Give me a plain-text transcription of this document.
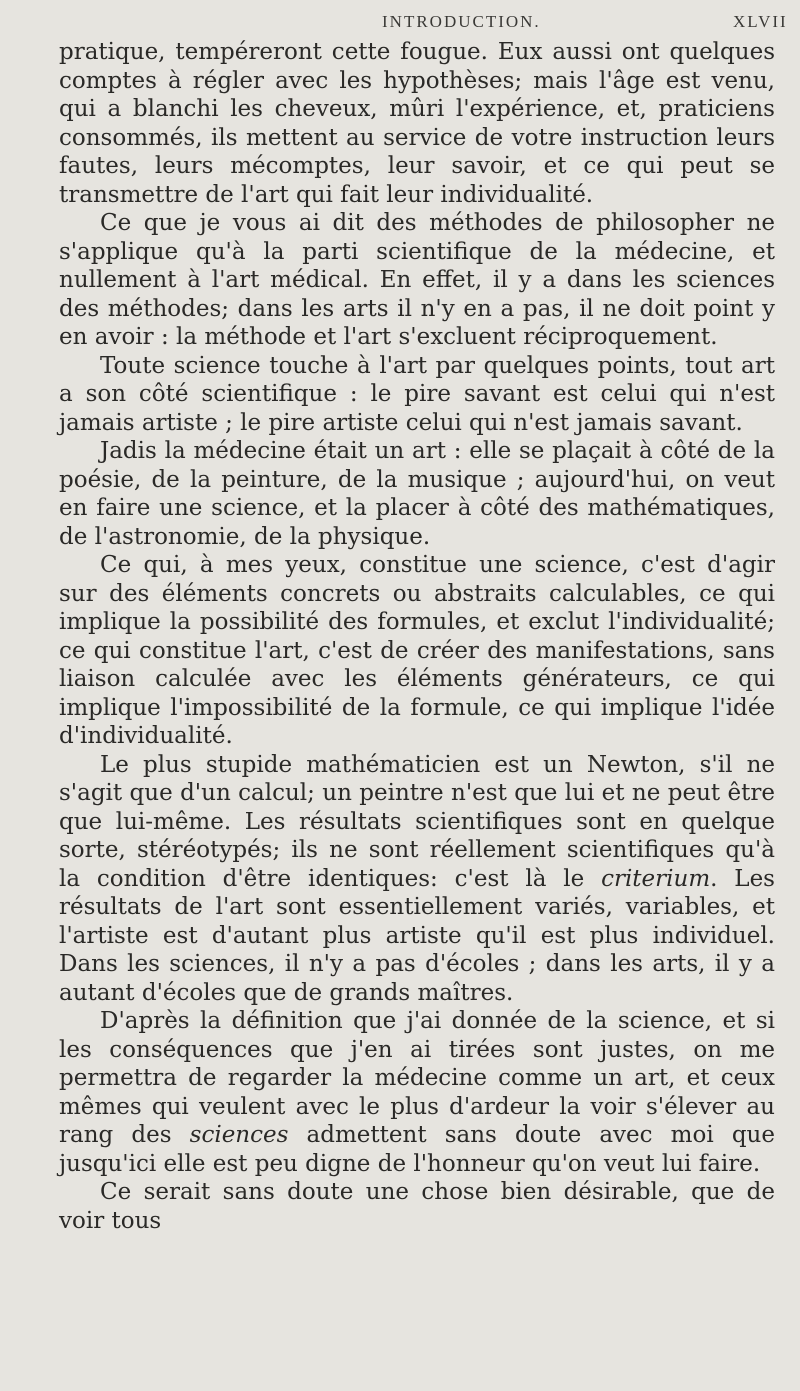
INTRODUCTION.	XLVII

pratique, tempéreront cette fougue. Eux aussi ont quelques comptes à régler avec les hypothèses; mais l'âge est venu, qui a blanchi les cheveux, mûri l'expérience, et, praticiens consommés, ils mettent au service de votre instruction leurs fautes, leurs mécomptes, leur savoir, et ce qui peut se transmettre de l'art qui fait leur individualité.

Ce que je vous ai dit des méthodes de philosopher ne s'applique qu'à la parti scientifique de la médecine, et nullement à l'art médical. En effet, il y a dans les sciences des méthodes; dans les arts il n'y en a pas, il ne doit point y en avoir : la méthode et l'art s'excluent réciproquement.

Toute science touche à l'art par quelques points, tout art a son côté scientifique : le pire savant est celui qui n'est jamais artiste ; le pire artiste celui qui n'est jamais savant.

Jadis la médecine était un art : elle se plaçait à côté de la poésie, de la peinture, de la musique ; aujourd'hui, on veut en faire une science, et la placer à côté des mathématiques, de l'astronomie, de la physique.

Ce qui, à mes yeux, constitue une science, c'est d'agir sur des éléments concrets ou abstraits calculables, ce qui implique la possibilité des formules, et exclut l'individualité; ce qui constitue l'art, c'est de créer des manifestations, sans liaison calculée avec les éléments générateurs, ce qui implique l'impossibilité de la formule, ce qui implique l'idée d'individualité.

Le plus stupide mathématicien est un Newton, s'il ne s'agit que d'un calcul; un peintre n'est que lui et ne peut être que lui-même. Les résultats scientifiques sont en quelque sorte, stéréotypés; ils ne sont réellement scientifiques qu'à la condition d'être identiques: c'est là le criterium. Les résultats de l'art sont essentiellement variés, variables, et l'artiste est d'autant plus artiste qu'il est plus individuel. Dans les sciences, il n'y a pas d'écoles ; dans les arts, il y a autant d'écoles que de grands maîtres.

D'après la définition que j'ai donnée de la science, et si les conséquences que j'en ai tirées sont justes, on me permettra de regarder la médecine comme un art, et ceux mêmes qui veulent avec le plus d'ardeur la voir s'élever au rang des sciences admettent sans doute avec moi que jusqu'ici elle est peu digne de l'honneur qu'on veut lui faire.

Ce serait sans doute une chose bien désirable, que de voir tous
